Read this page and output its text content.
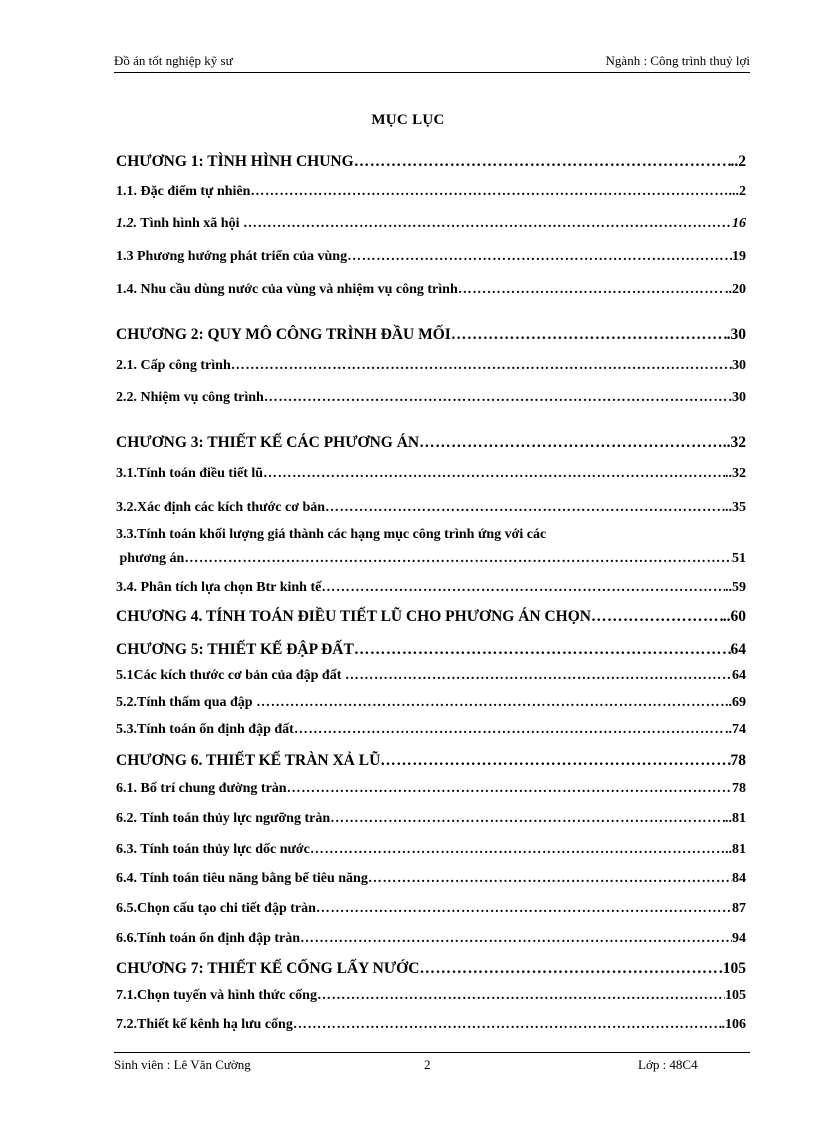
Đồ án tốt nghiệp kỹ sư	Ngành : Công trình thuỷ lợi
MỤC LỤC
CHƯƠNG 1: TÌNH HÌNH CHUNG ………………………………………………………………………………………………………………………………………………………………	..2
1.1. Đặc điểm tự nhiên ………………………………………………………………………………………………………………………………………………………………	...2
1.2. Tình hình xã hội ………………………………………………………………………………………………………………………………………………………………	16
1.3 Phương hướng phát triển của vùng ………………………………………………………………………………………………………………………………………………………………	19
1.4. Nhu cầu dùng nước của vùng và nhiệm vụ công trình ………………………………………………………………………………………………………………………………………………………………	..20
CHƯƠNG 2: QUY MÔ CÔNG TRÌNH ĐẦU MỐI ………………………………………………………………………………………………………………………………………………………………	.30
2.1. Cấp công trình ………………………………………………………………………………………………………………………………………………………………	30
2.2. Nhiệm vụ công trình ………………………………………………………………………………………………………………………………………………………………	.30
CHƯƠNG 3: THIẾT KẾ CÁC PHƯƠNG ÁN ………………………………………………………………………………………………………………………………………………………………	..32
3.1.Tính toán điều tiết lũ ………………………………………………………………………………………………………………………………………………………………	..32
3.2.Xác định các kích thước cơ bản ………………………………………………………………………………………………………………………………………………………………	..35
3.3.Tính toán khối lượng giá thành các hạng mục công trình ứng với các
phương án ………………………………………………………………………………………………………………………………………………………………	51
3.4. Phân tích lựa chọn Btr kinh tế ………………………………………………………………………………………………………………………………………………………………	..59
CHƯƠNG 4. TÍNH TOÁN ĐIỀU TIẾT LŨ CHO PHƯƠNG ÁN CHỌN ………………………………………………………………………………………………………………………………………………………………	..60
CHƯƠNG 5: THIẾT KẾ ĐẬP ĐẤT ………………………………………………………………………………………………………………………………………………………………	64
5.1Các kích thước cơ bản của đập đất ………………………………………………………………………………………………………………………………………………………………	64
5.2.Tính thấm qua đập ………………………………………………………………………………………………………………………………………………………………	..69
5.3.Tính toán ổn định đập đất ………………………………………………………………………………………………………………………………………………………………	..74
CHƯƠNG 6. THIẾT KẾ TRÀN XẢ LŨ ………………………………………………………………………………………………………………………………………………………………	78
6.1. Bố trí chung đường tràn ………………………………………………………………………………………………………………………………………………………………	78
6.2. Tính toán thủy lực ngưỡng tràn ………………………………………………………………………………………………………………………………………………………………	..81
6.3. Tính toán thủy lực dốc nước ………………………………………………………………………………………………………………………………………………………………	..81
6.4. Tính toán tiêu năng bằng bể tiêu năng ………………………………………………………………………………………………………………………………………………………………	84
6.5.Chọn cấu tạo chi tiết đập tràn ………………………………………………………………………………………………………………………………………………………………	87
6.6.Tính toán ổn định đập tràn ………………………………………………………………………………………………………………………………………………………………	94
CHƯƠNG 7: THIẾT KẾ CỐNG LẤY NƯỚC ………………………………………………………………………………………………………………………………………………………………	.105
7.1.Chọn tuyến và hình thức cống ………………………………………………………………………………………………………………………………………………………………	105
7.2.Thiết kế kênh hạ lưu cống ………………………………………………………………………………………………………………………………………………………………	.106
Sinh viên : Lê Văn Cường	2	Lớp : 48C4
